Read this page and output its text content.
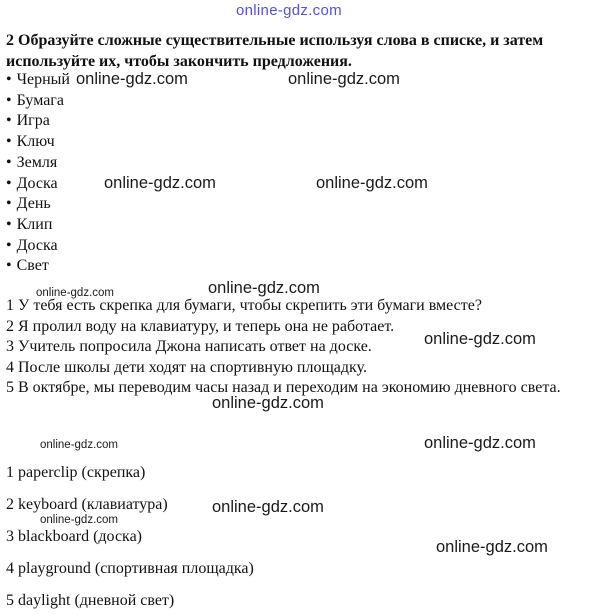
2 Образуйте сложные существительные используя слова в списке, и затем используйте их, чтобы закончить предложения.

• Черный
• Бумага
• Игра
• Ключ
• Земля
• Доска
• День
• Клип
• Доска
• Свет
1 У тебя есть скрепка для бумаги, чтобы скрепить эти бумаги вместе?
2 Я пролил воду на клавиатуру, и теперь она не работает.
3 Учитель попросила Джона написать ответ на доске.
4 После школы дети ходят на спортивную площадку.
5 В октябре, мы переводим часы назад и переходим на экономию дневного света.

1 paperclip (скрепка)

2 keyboard (клавиатура)

3 blackboard (доска)

4 playground (спортивная площадка)

5 daylight (дневной свет)

online-gdz.com
online-gdz.com	online-gdz.com
online-gdz.com	online-gdz.com
online-gdz.com
online-gdz.com
online-gdz.com
online-gdz.com
online-gdz.com	online-gdz.com
online-gdz.com
online-gdz.com
online-gdz.com
